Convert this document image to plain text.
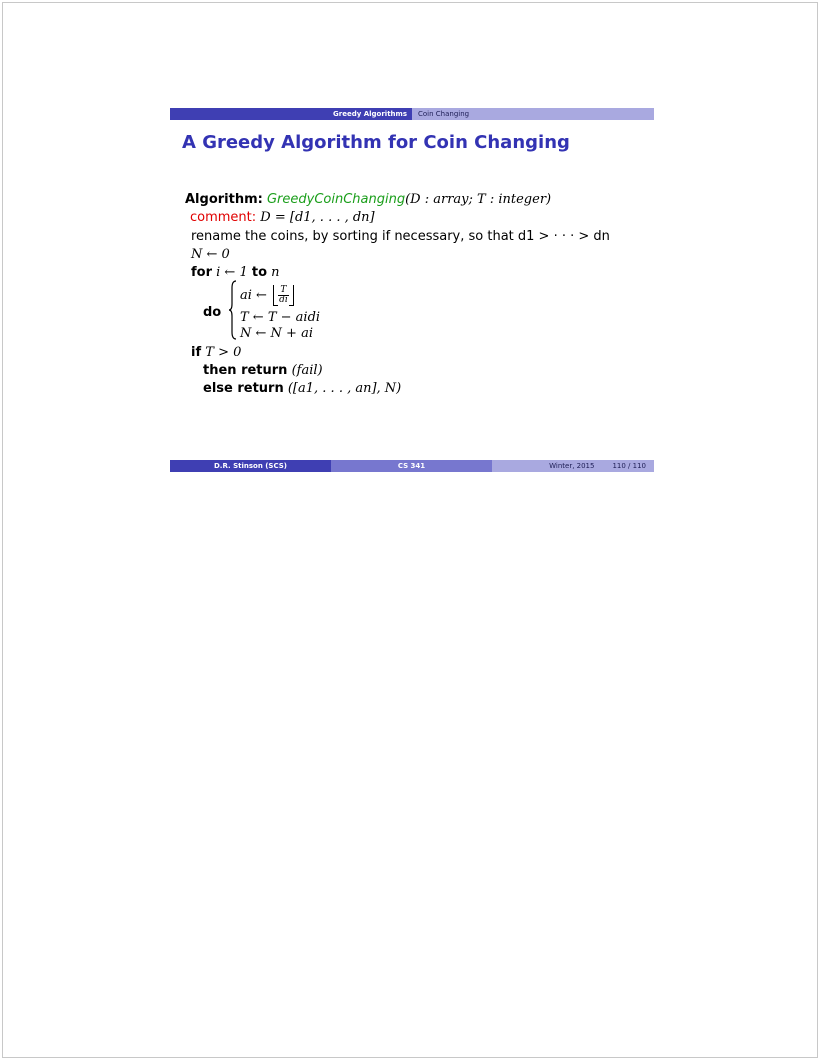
Greedy Algorithms	Coin Changing
A Greedy Algorithm for Coin Changing
Algorithm: GreedyCoinChanging(D : array; T : integer)
comment: D = [d1, . . . , dn]
rename the coins, by sorting if necessary, so that d1 > · · · > dn
N ← 0
for i ← 1 to n
do
ai ← $\frac{T}{di}$
T ← T − aidi
N ← N + ai
if T > 0
then return (fail)
else return ([a1, . . . , an], N)
D.R. Stinson (SCS)	CS 341	Winter, 2015	110 / 110
